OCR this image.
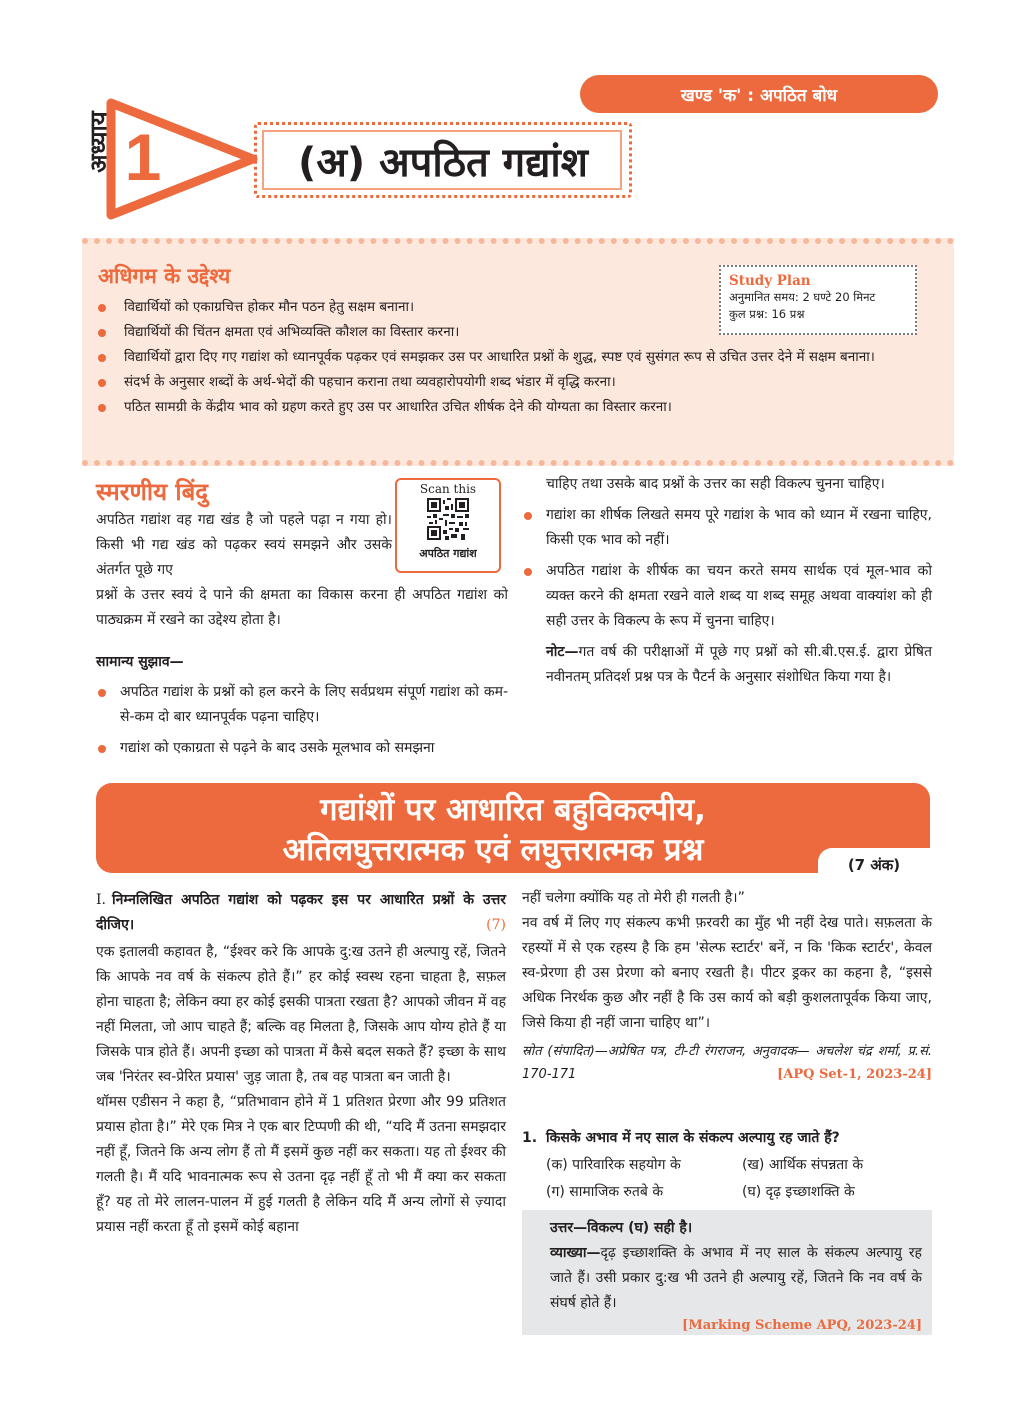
खण्ड 'क' : अपठित बोध
अध्याय 1	(अ) अपठित गद्यांश
अधिगम के उद्देश्य
विद्यार्थियों को एकाग्रचित्त होकर मौन पठन हेतु सक्षम बनाना।
विद्यार्थियों की चिंतन क्षमता एवं अभिव्यक्ति कौशल का विस्तार करना।
विद्यार्थियों द्वारा दिए गए गद्यांश को ध्यानपूर्वक पढ़कर एवं समझकर उस पर आधारित प्रश्नों के शुद्ध, स्पष्ट एवं सुसंगत रूप से उचित उत्तर देने में सक्षम बनाना।
संदर्भ के अनुसार शब्दों के अर्थ-भेदों की पहचान कराना तथा व्यवहारोपयोगी शब्द भंडार में वृद्धि करना।
पठित सामग्री के केंद्रीय भाव को ग्रहण करते हुए उस पर आधारित उचित शीर्षक देने की योग्यता का विस्तार करना।
Study Plan
अनुमानित समय: 2 घण्टे 20 मिनट
कुल प्रश्न: 16 प्रश्न
स्मरणीय बिंदु	Scan this
अपठित गद्यांश
अपठित गद्यांश वह गद्य खंड है जो पहले पढ़ा न गया हो। किसी भी गद्य खंड को पढ़कर स्वयं समझने और उसके अंतर्गत पूछे गए
प्रश्नों के उत्तर स्वयं दे पाने की क्षमता का विकास करना ही अपठित गद्यांश को पाठ्यक्रम में रखने का उद्देश्य होता है।
सामान्य सुझाव—
अपठित गद्यांश के प्रश्नों को हल करने के लिए सर्वप्रथम संपूर्ण गद्यांश को कम-से-कम दो बार ध्यानपूर्वक पढ़ना चाहिए।
गद्यांश को एकाग्रता से पढ़ने के बाद उसके मूलभाव को समझना

चाहिए तथा उसके बाद प्रश्नों के उत्तर का सही विकल्प चुनना चाहिए।

गद्यांश का शीर्षक लिखते समय पूरे गद्यांश के भाव को ध्यान में रखना चाहिए, किसी एक भाव को नहीं।
अपठित गद्यांश के शीर्षक का चयन करते समय सार्थक एवं मूल-भाव को व्यक्त करने की क्षमता रखने वाले शब्द या शब्द समूह अथवा वाक्यांश को ही सही उत्तर के विकल्प के रूप में चुनना चाहिए।
नोट—गत वर्ष की परीक्षाओं में पूछे गए प्रश्नों को सी.बी.एस.ई. द्वारा प्रेषित नवीनतम् प्रतिदर्श प्रश्न पत्र के पैटर्न के अनुसार संशोधित किया गया है।
गद्यांशों पर आधारित बहुविकल्पीय,
अतिलघुत्तरात्मक एवं लघुत्तरात्मक प्रश्न	(7 अंक)
I. निम्नलिखित अपठित गद्यांश को पढ़कर इस पर आधारित प्रश्नों के उत्तर दीजिए।	(7)

एक इतालवी कहावत है, “ईश्वर करे कि आपके दु:ख उतने ही अल्पायु रहें, जितने कि आपके नव वर्ष के संकल्प होते हैं।” हर कोई स्वस्थ रहना चाहता है, सफ़ल होना चाहता है; लेकिन क्या हर कोई इसकी पात्रता रखता है? आपको जीवन में वह नहीं मिलता, जो आप चाहते हैं; बल्कि वह मिलता है, जिसके आप योग्य होते हैं या जिसके पात्र होते हैं। अपनी इच्छा को पात्रता में कैसे बदल सकते हैं? इच्छा के साथ जब 'निरंतर स्व-प्रेरित प्रयास' जुड़ जाता है, तब वह पात्रता बन जाती है।

थॉमस एडीसन ने कहा है, “प्रतिभावान होने में 1 प्रतिशत प्रेरणा और 99 प्रतिशत प्रयास होता है।” मेरे एक मित्र ने एक बार टिप्पणी की थी, “यदि मैं उतना समझदार नहीं हूँ, जितने कि अन्य लोग हैं तो मैं इसमें कुछ नहीं कर सकता। यह तो ईश्वर की गलती है। मैं यदि भावनात्मक रूप से उतना दृढ़ नहीं हूँ तो भी मैं क्या कर सकता हूँ? यह तो मेरे लालन-पालन में हुई गलती है लेकिन यदि मैं अन्य लोगों से ज़्यादा प्रयास नहीं करता हूँ तो इसमें कोई बहाना

नहीं चलेगा क्योंकि यह तो मेरी ही गलती है।”

नव वर्ष में लिए गए संकल्प कभी फ़रवरी का मुँह भी नहीं देख पाते। सफ़लता के रहस्यों में से एक रहस्य है कि हम 'सेल्फ स्टार्टर' बनें, न कि 'किक स्टार्टर', केवल स्व-प्रेरणा ही उस प्रेरणा को बनाए रखती है। पीटर ड्रकर का कहना है, “इससे अधिक निरर्थक कुछ और नहीं है कि उस कार्य को बड़ी कुशलतापूर्वक किया जाए, जिसे किया ही नहीं जाना चाहिए था”।

स्रोत (संपादित)—अप्रेषित पत्र, टी-टी रंगराजन, अनुवादक— अचलेश चंद्र शर्मा, प्र.सं. 170-171	[APQ Set-1, 2023-24]
1. किसके अभाव में नए साल के संकल्प अल्पायु रह जाते हैं?
(क) पारिवारिक सहयोग के	(ख) आर्थिक संपन्नता के
(ग) सामाजिक रुतबे के	(घ) दृढ़ इच्छाशक्ति के
उत्तर—विकल्प (घ) सही है।
व्याख्या—दृढ़ इच्छाशक्ति के अभाव में नए साल के संकल्प अल्पायु रह जाते हैं। उसी प्रकार दु:ख भी उतने ही अल्पायु रहें, जितने कि नव वर्ष के संघर्ष होते हैं।
[Marking Scheme APQ, 2023-24]
